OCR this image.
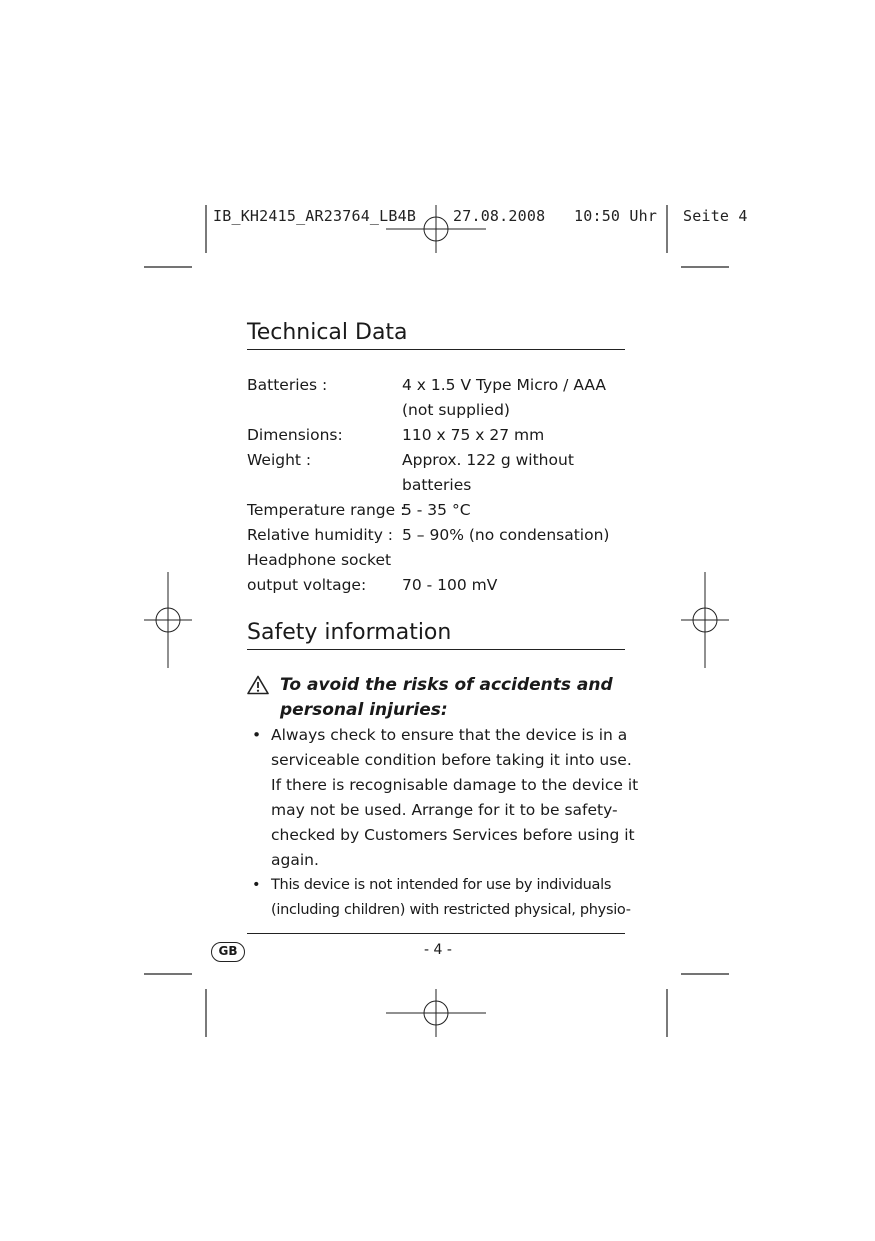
IB_KH2415_AR23764_LB4B

27.08.2008

10:50 Uhr

Seite 4

Technical Data
Batteries :	4 x 1.5 V Type Micro / AAA
(not supplied)
Dimensions:	110 x 75 x 27 mm
Weight :	Approx. 122 g without
batteries
Temperature range :
5 - 35 °C
Relative humidity : 5 – 90% (no condensation)
Headphone socket
output voltage: 70 - 100 mV
Safety information
To avoid the risks of accidents and
personal injuries:
• Always check to ensure that the device is in a
serviceable condition before taking it into use.
If there is recognisable damage to the device it
may not be used. Arrange for it to be safety-
checked by Customers Services before using it
again.
• This device is not intended for use by individuals
(including children) with restricted physical, physio-
GB	- 4 -
